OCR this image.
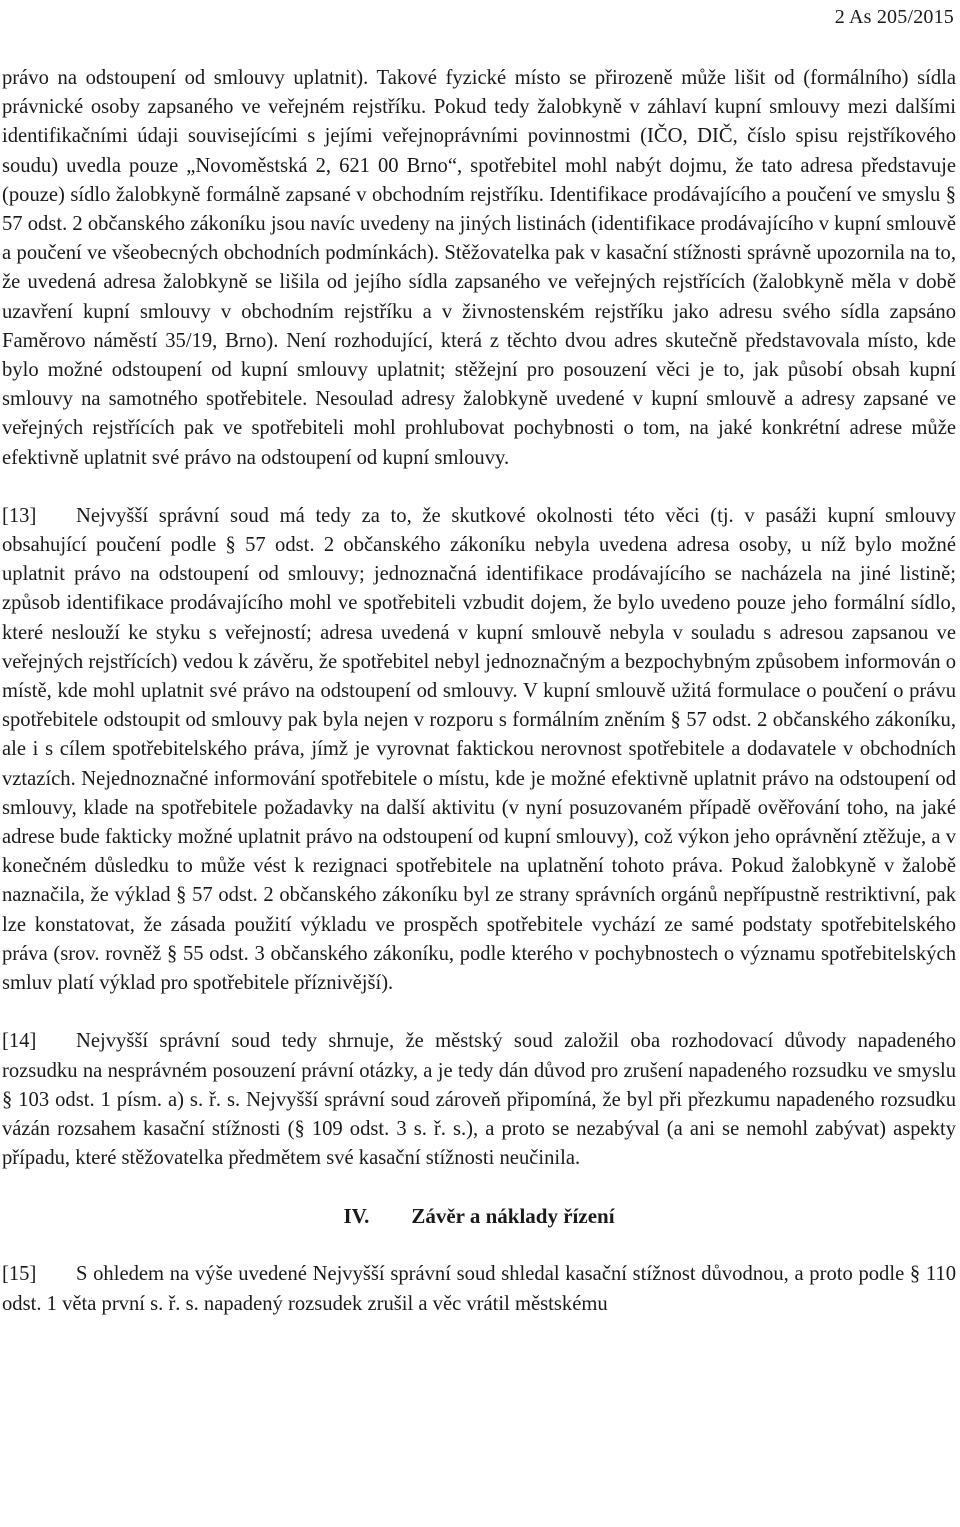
2 As 205/2015

právo na odstoupení od smlouvy uplatnit). Takové fyzické místo se přirozeně může lišit od (formálního) sídla právnické osoby zapsaného ve veřejném rejstříku. Pokud tedy žalobkyně v záhlaví kupní smlouvy mezi dalšími identifikačními údaji souvisejícími s jejími veřejnoprávními povinnostmi (IČO, DIČ, číslo spisu rejstříkového soudu) uvedla pouze „Novoměstská 2, 621 00 Brno“, spotřebitel mohl nabýt dojmu, že tato adresa představuje (pouze) sídlo žalobkyně formálně zapsané v obchodním rejstříku. Identifikace prodávajícího a poučení ve smyslu § 57 odst. 2 občanského zákoníku jsou navíc uvedeny na jiných listinách (identifikace prodávajícího v kupní smlouvě a poučení ve všeobecných obchodních podmínkách). Stěžovatelka pak v kasační stížnosti správně upozornila na to, že uvedená adresa žalobkyně se lišila od jejího sídla zapsaného ve veřejných rejstřících (žalobkyně měla v době uzavření kupní smlouvy v obchodním rejstříku a v živnostenském rejstříku jako adresu svého sídla zapsáno Faměrovo náměstí 35/19, Brno). Není rozhodující, která z těchto dvou adres skutečně představovala místo, kde bylo možné odstoupení od kupní smlouvy uplatnit; stěžejní pro posouzení věci je to, jak působí obsah kupní smlouvy na samotného spotřebitele. Nesoulad adresy žalobkyně uvedené v kupní smlouvě a adresy zapsané ve veřejných rejstřících pak ve spotřebiteli mohl prohlubovat pochybnosti o tom, na jaké konkrétní adrese může efektivně uplatnit své právo na odstoupení od kupní smlouvy.

[13] Nejvyšší správní soud má tedy za to, že skutkové okolnosti této věci (tj. v pasáži kupní smlouvy obsahující poučení podle § 57 odst. 2 občanského zákoníku nebyla uvedena adresa osoby, u níž bylo možné uplatnit právo na odstoupení od smlouvy; jednoznačná identifikace prodávajícího se nacházela na jiné listině; způsob identifikace prodávajícího mohl ve spotřebiteli vzbudit dojem, že bylo uvedeno pouze jeho formální sídlo, které neslouží ke styku s veřejností; adresa uvedená v kupní smlouvě nebyla v souladu s adresou zapsanou ve veřejných rejstřících) vedou k závěru, že spotřebitel nebyl jednoznačným a bezpochybným způsobem informován o místě, kde mohl uplatnit své právo na odstoupení od smlouvy. V kupní smlouvě užitá formulace o poučení o právu spotřebitele odstoupit od smlouvy pak byla nejen v rozporu s formálním zněním § 57 odst. 2 občanského zákoníku, ale i s cílem spotřebitelského práva, jímž je vyrovnat faktickou nerovnost spotřebitele a dodavatele v obchodních vztazích. Nejednoznačné informování spotřebitele o místu, kde je možné efektivně uplatnit právo na odstoupení od smlouvy, klade na spotřebitele požadavky na další aktivitu (v nyní posuzovaném případě ověřování toho, na jaké adrese bude fakticky možné uplatnit právo na odstoupení od kupní smlouvy), což výkon jeho oprávnění ztěžuje, a v konečném důsledku to může vést k rezignaci spotřebitele na uplatnění tohoto práva. Pokud žalobkyně v žalobě naznačila, že výklad § 57 odst. 2 občanského zákoníku byl ze strany správních orgánů nepřípustně restriktivní, pak lze konstatovat, že zásada použití výkladu ve prospěch spotřebitele vychází ze samé podstaty spotřebitelského práva (srov. rovněž § 55 odst. 3 občanského zákoníku, podle kterého v pochybnostech o významu spotřebitelských smluv platí výklad pro spotřebitele příznivější).

[14] Nejvyšší správní soud tedy shrnuje, že městský soud založil oba rozhodovací důvody napadeného rozsudku na nesprávném posouzení právní otázky, a je tedy dán důvod pro zrušení napadeného rozsudku ve smyslu § 103 odst. 1 písm. a) s. ř. s. Nejvyšší správní soud zároveň připomíná, že byl při přezkumu napadeného rozsudku vázán rozsahem kasační stížnosti (§ 109 odst. 3 s. ř. s.), a proto se nezabýval (a ani se nemohl zabývat) aspekty případu, které stěžovatelka předmětem své kasační stížnosti neučinila.

IV. Závěr a náklady řízení

[15] S ohledem na výše uvedené Nejvyšší správní soud shledal kasační stížnost důvodnou, a proto podle § 110 odst. 1 věta první s. ř. s. napadený rozsudek zrušil a věc vrátil městskému
